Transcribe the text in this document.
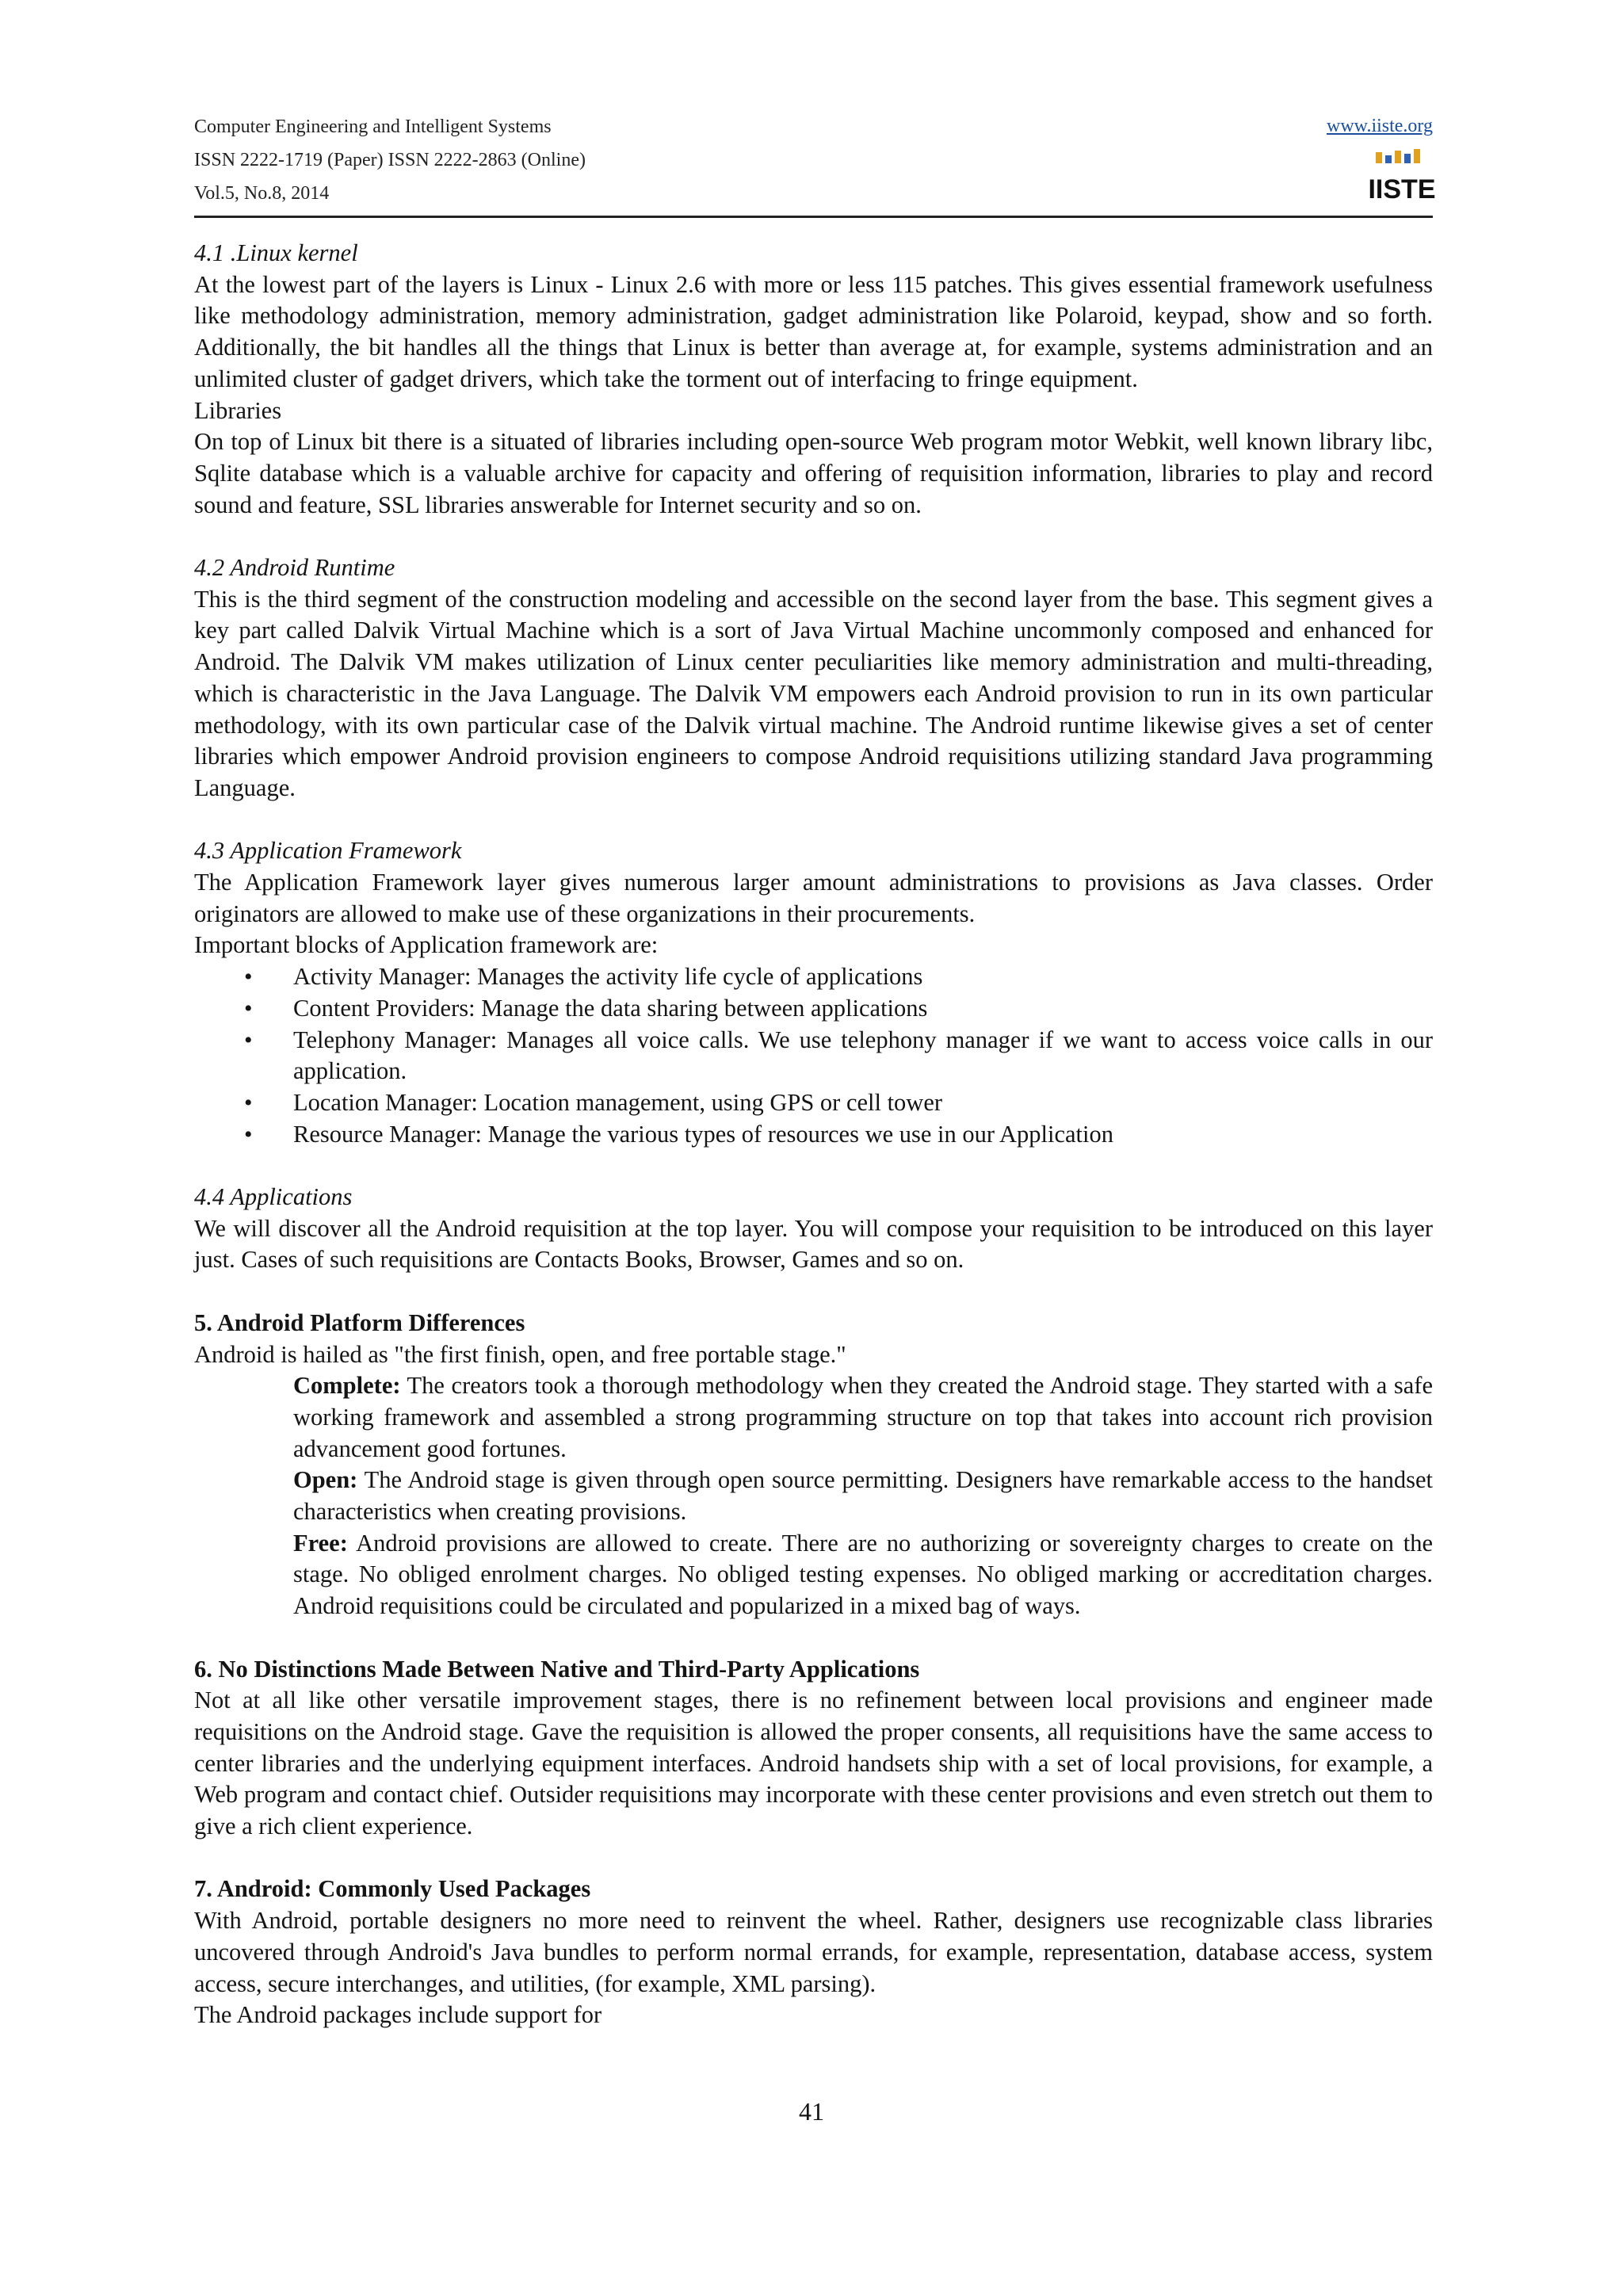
Computer Engineering and Intelligent Systems
ISSN 2222-1719 (Paper) ISSN 2222-2863 (Online)
Vol.5, No.8, 2014
www.iiste.org
IISTE

4.1 .Linux kernel

At the lowest part of the layers is Linux - Linux 2.6 with more or less 115 patches. This gives essential framework usefulness like methodology administration, memory administration, gadget administration like Polaroid, keypad, show and so forth. Additionally, the bit handles all the things that Linux is better than average at, for example, systems administration and an unlimited cluster of gadget drivers, which take the torment out of interfacing to fringe equipment.

Libraries

On top of Linux bit there is a situated of libraries including open-source Web program motor Webkit, well known library libc, Sqlite database which is a valuable archive for capacity and offering of requisition information, libraries to play and record sound and feature, SSL libraries answerable for Internet security and so on.

4.2 Android Runtime

This is the third segment of the construction modeling and accessible on the second layer from the base. This segment gives a key part called Dalvik Virtual Machine which is a sort of Java Virtual Machine uncommonly composed and enhanced for Android. The Dalvik VM makes utilization of Linux center peculiarities like memory administration and multi-threading, which is characteristic in the Java Language. The Dalvik VM empowers each Android provision to run in its own particular methodology, with its own particular case of the Dalvik virtual machine. The Android runtime likewise gives a set of center libraries which empower Android provision engineers to compose Android requisitions utilizing standard Java programming Language.

4.3 Application Framework

The Application Framework layer gives numerous larger amount administrations to provisions as Java classes. Order originators are allowed to make use of these organizations in their procurements.

Important blocks of Application framework are:

• Activity Manager: Manages the activity life cycle of applications
• Content Providers: Manage the data sharing between applications
• Telephony Manager: Manages all voice calls. We use telephony manager if we want to access voice calls in our application.
• Location Manager: Location management, using GPS or cell tower
• Resource Manager: Manage the various types of resources we use in our Application

4.4 Applications

We will discover all the Android requisition at the top layer. You will compose your requisition to be introduced on this layer just. Cases of such requisitions are Contacts Books, Browser, Games and so on.

5. Android Platform Differences

Android is hailed as "the first finish, open, and free portable stage."

Complete: The creators took a thorough methodology when they created the Android stage. They started with a safe working framework and assembled a strong programming structure on top that takes into account rich provision advancement good fortunes.

Open: The Android stage is given through open source permitting. Designers have remarkable access to the handset characteristics when creating provisions.

Free: Android provisions are allowed to create. There are no authorizing or sovereignty charges to create on the stage. No obliged enrolment charges. No obliged testing expenses. No obliged marking or accreditation charges. Android requisitions could be circulated and popularized in a mixed bag of ways.

6. No Distinctions Made Between Native and Third-Party Applications

Not at all like other versatile improvement stages, there is no refinement between local provisions and engineer made requisitions on the Android stage. Gave the requisition is allowed the proper consents, all requisitions have the same access to center libraries and the underlying equipment interfaces. Android handsets ship with a set of local provisions, for example, a Web program and contact chief. Outsider requisitions may incorporate with these center provisions and even stretch out them to give a rich client experience.

7. Android: Commonly Used Packages

With Android, portable designers no more need to reinvent the wheel. Rather, designers use recognizable class libraries uncovered through Android's Java bundles to perform normal errands, for example, representation, database access, system access, secure interchanges, and utilities, (for example, XML parsing).

The Android packages include support for

41
